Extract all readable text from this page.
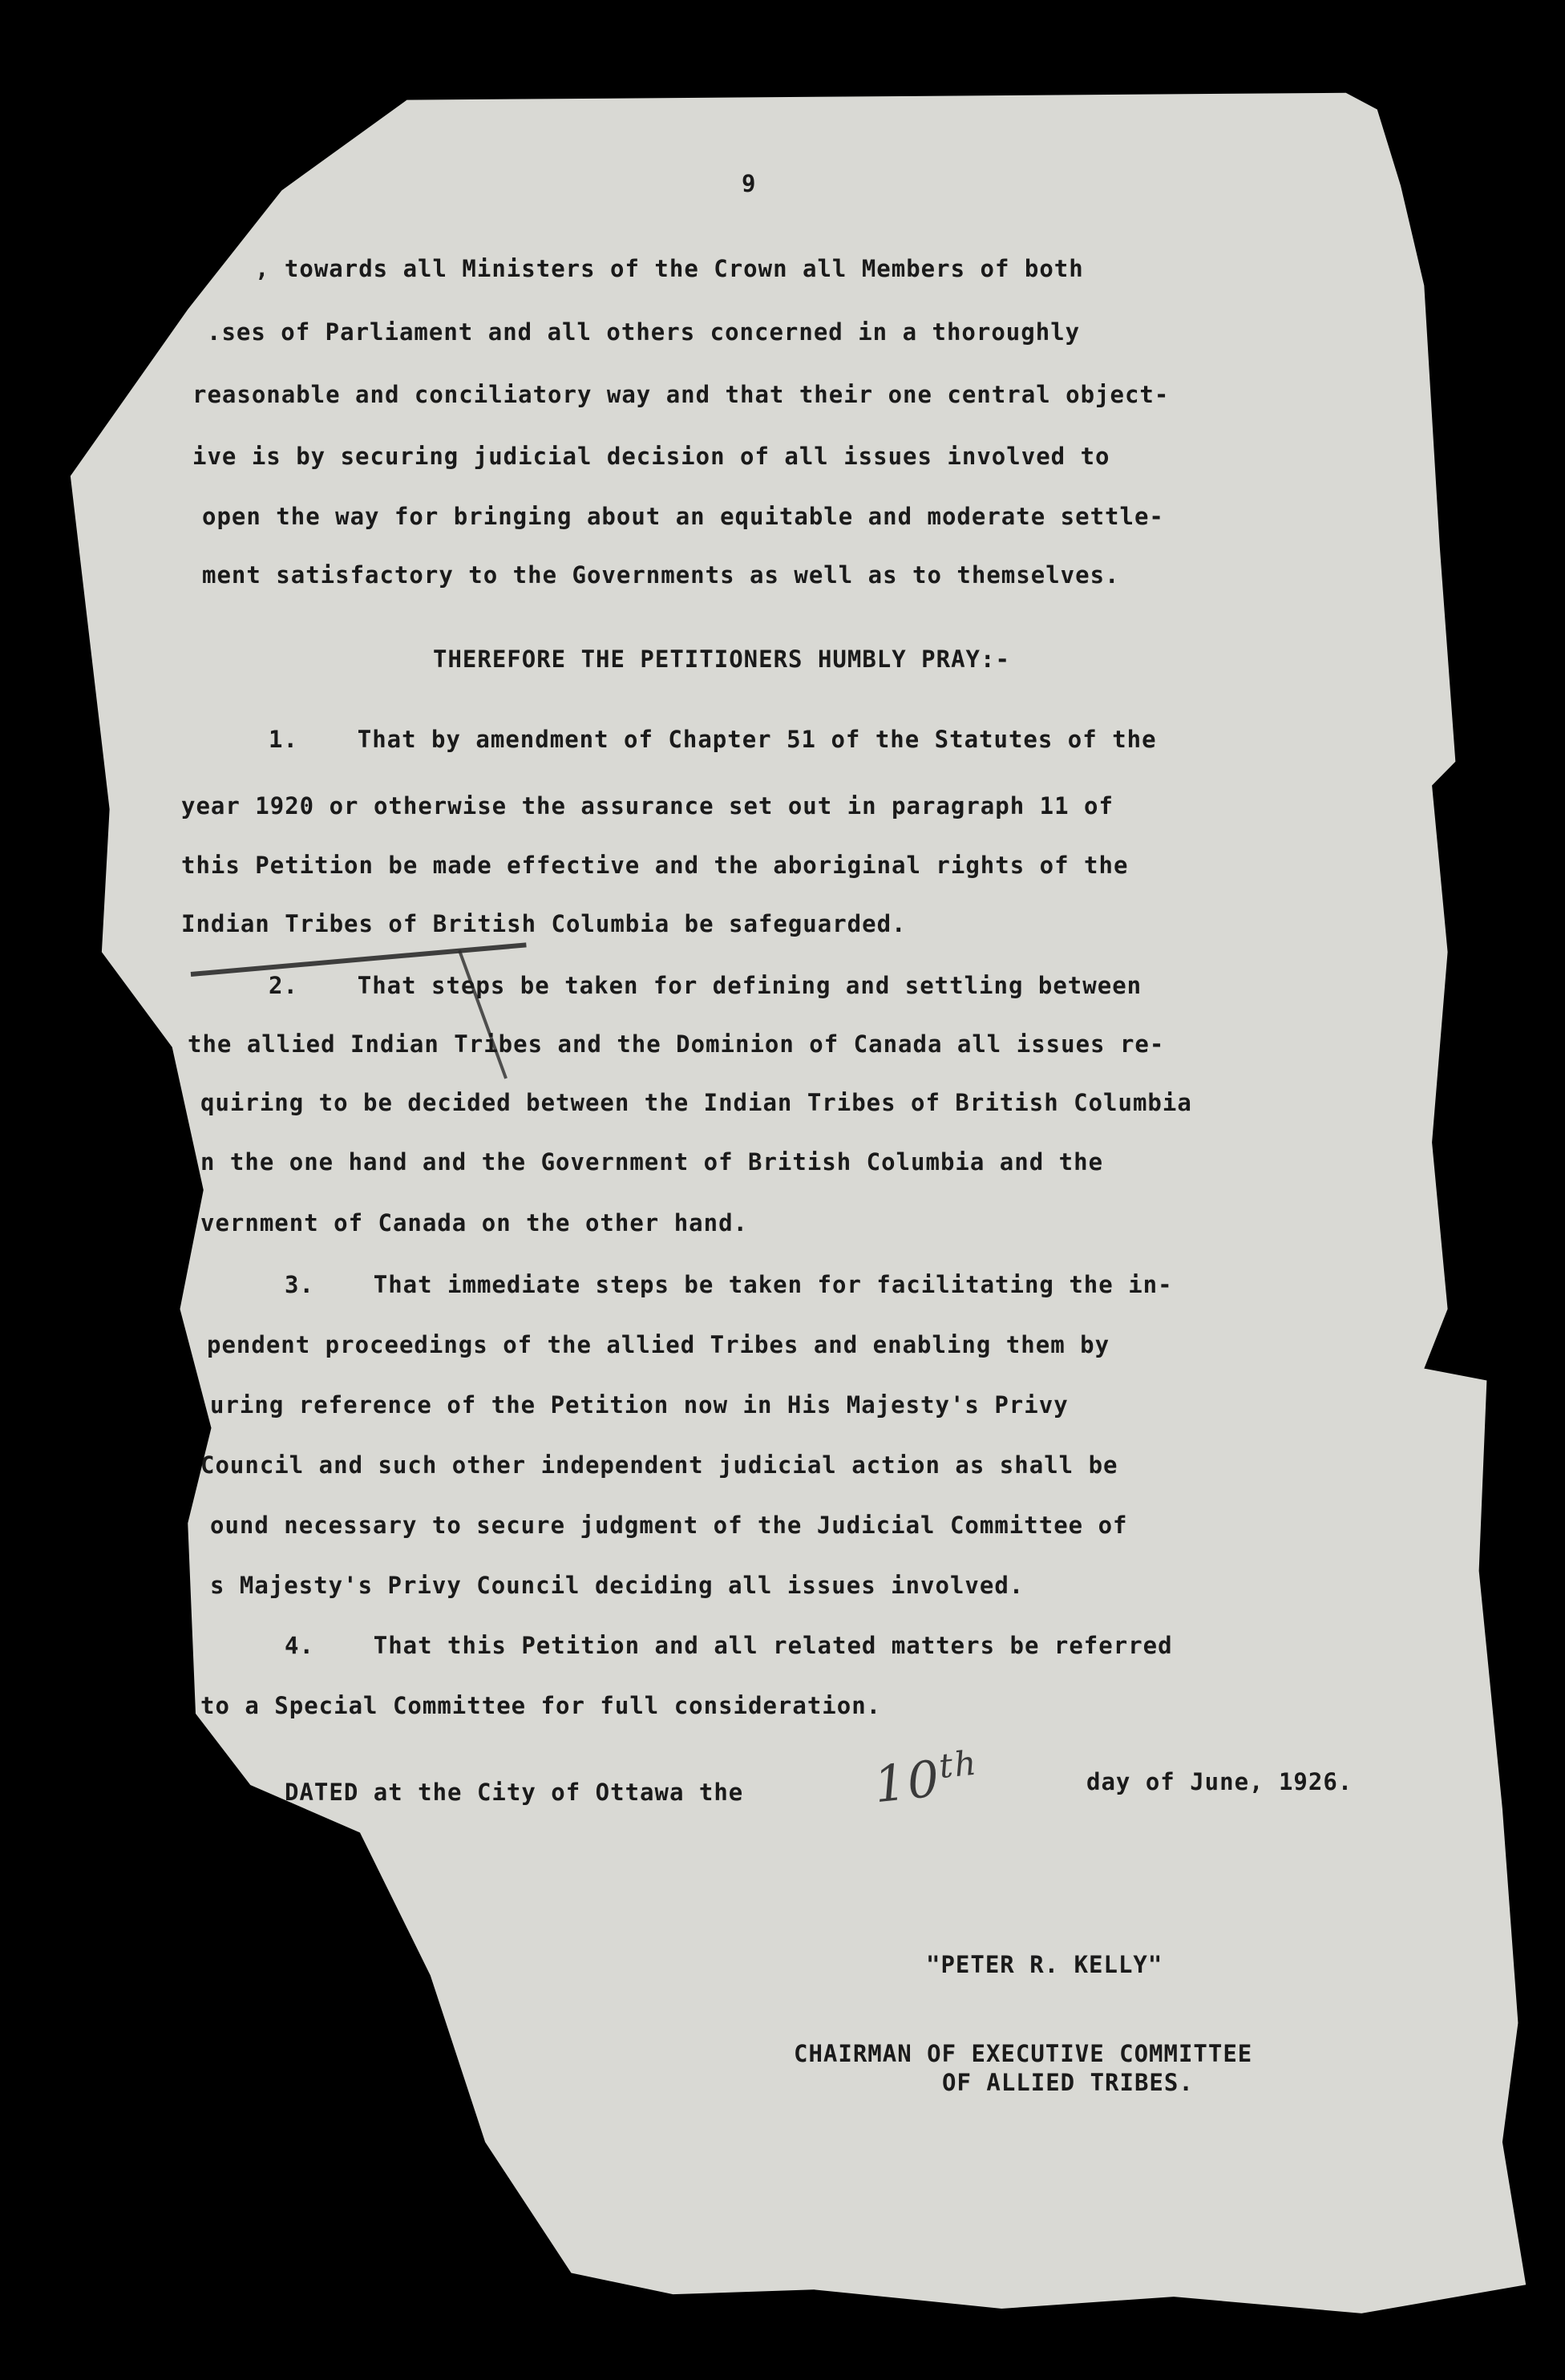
9

, towards all Ministers of the Crown all Members of both

.ses of Parliament and all others concerned in a thoroughly

reasonable and conciliatory way and that their one central object-

ive is by securing judicial decision of all issues involved to

open the way for bringing about an equitable and moderate settle-

ment satisfactory to the Governments as well as to themselves.

THEREFORE THE PETITIONERS HUMBLY PRAY:-

1.    That by amendment of Chapter 51 of the Statutes of the

year 1920 or otherwise the assurance set out in paragraph 11 of

this Petition be made effective and the aboriginal rights of the

Indian Tribes of British Columbia be safeguarded.

2.    That steps be taken for defining and settling between

the allied Indian Tribes and the Dominion of Canada all issues re-

quiring to be decided between the Indian Tribes of British Columbia

n the one hand and the Government of British Columbia and the

vernment of Canada on the other hand.

3.    That immediate steps be taken for facilitating the in-

pendent proceedings of the allied Tribes and enabling them by

uring reference of the Petition now in His Majesty's Privy

Council and such other independent judicial action as shall be

ound necessary to secure judgment of the Judicial Committee of

s Majesty's Privy Council deciding all issues involved.

4.    That this Petition and all related matters be referred

to a Special Committee for full consideration.

DATED at the City of Ottawa the

	10th

	day of June, 1926.

"PETER R. KELLY"

CHAIRMAN OF EXECUTIVE COMMITTEE

OF ALLIED TRIBES.
